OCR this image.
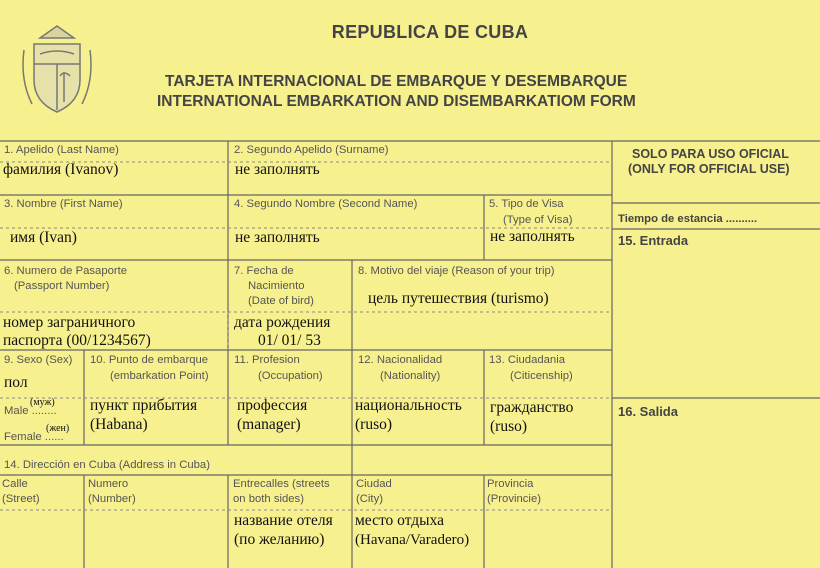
REPUBLICA DE CUBA
TARJETA INTERNACIONAL DE EMBARQUE Y DESEMBARQUE
INTERNATIONAL EMBARKATION AND DISEMBARKATIOM FORM
1. Apelido (Last Name)
фамилия (Ivanov)
2. Segundo Apelido (Surname)
не заполнять
3. Nombre (First Name)
имя (Ivan)
4. Segundo Nombre (Second Name)
не заполнять
5. Tipo de Visa
(Type of Visa)
не заполнять
6. Numero de Pasaporte
(Passport Number)
номер заграничного
паспорта (00/1234567)
7. Fecha de
Nacimiento
(Date of bird)
дата рождения
01/ 01/ 53
8. Motivo del viaje (Reason of your trip)
цель путешествия (turismo)
9. Sexo (Sex)
пол
Male ........
(муж)
Female ......
(жен)
10. Punto de embarque
(embarkation Point)
пункт прибытия
(Habana)
11. Profesion
(Occupation)
профессия
(manager)
12. Nacionalidad
(Nationality)
национальность
(ruso)
13. Ciudadania
(Citicenship)
гражданство
(ruso)
14. Dirección en Cuba (Address in Cuba)
Calle
(Street)
Numero
(Number)
Entrecalles (streets
on both sides)
название отеля
(по желанию)
Ciudad
(City)
место отдыха
(Havana/Varadero)
Provincia
(Provincie)
SOLO PARA USO OFICIAL
(ONLY FOR OFFICIAL USE)
Tiempo de estancia ..........
15. Entrada
16. Salida
